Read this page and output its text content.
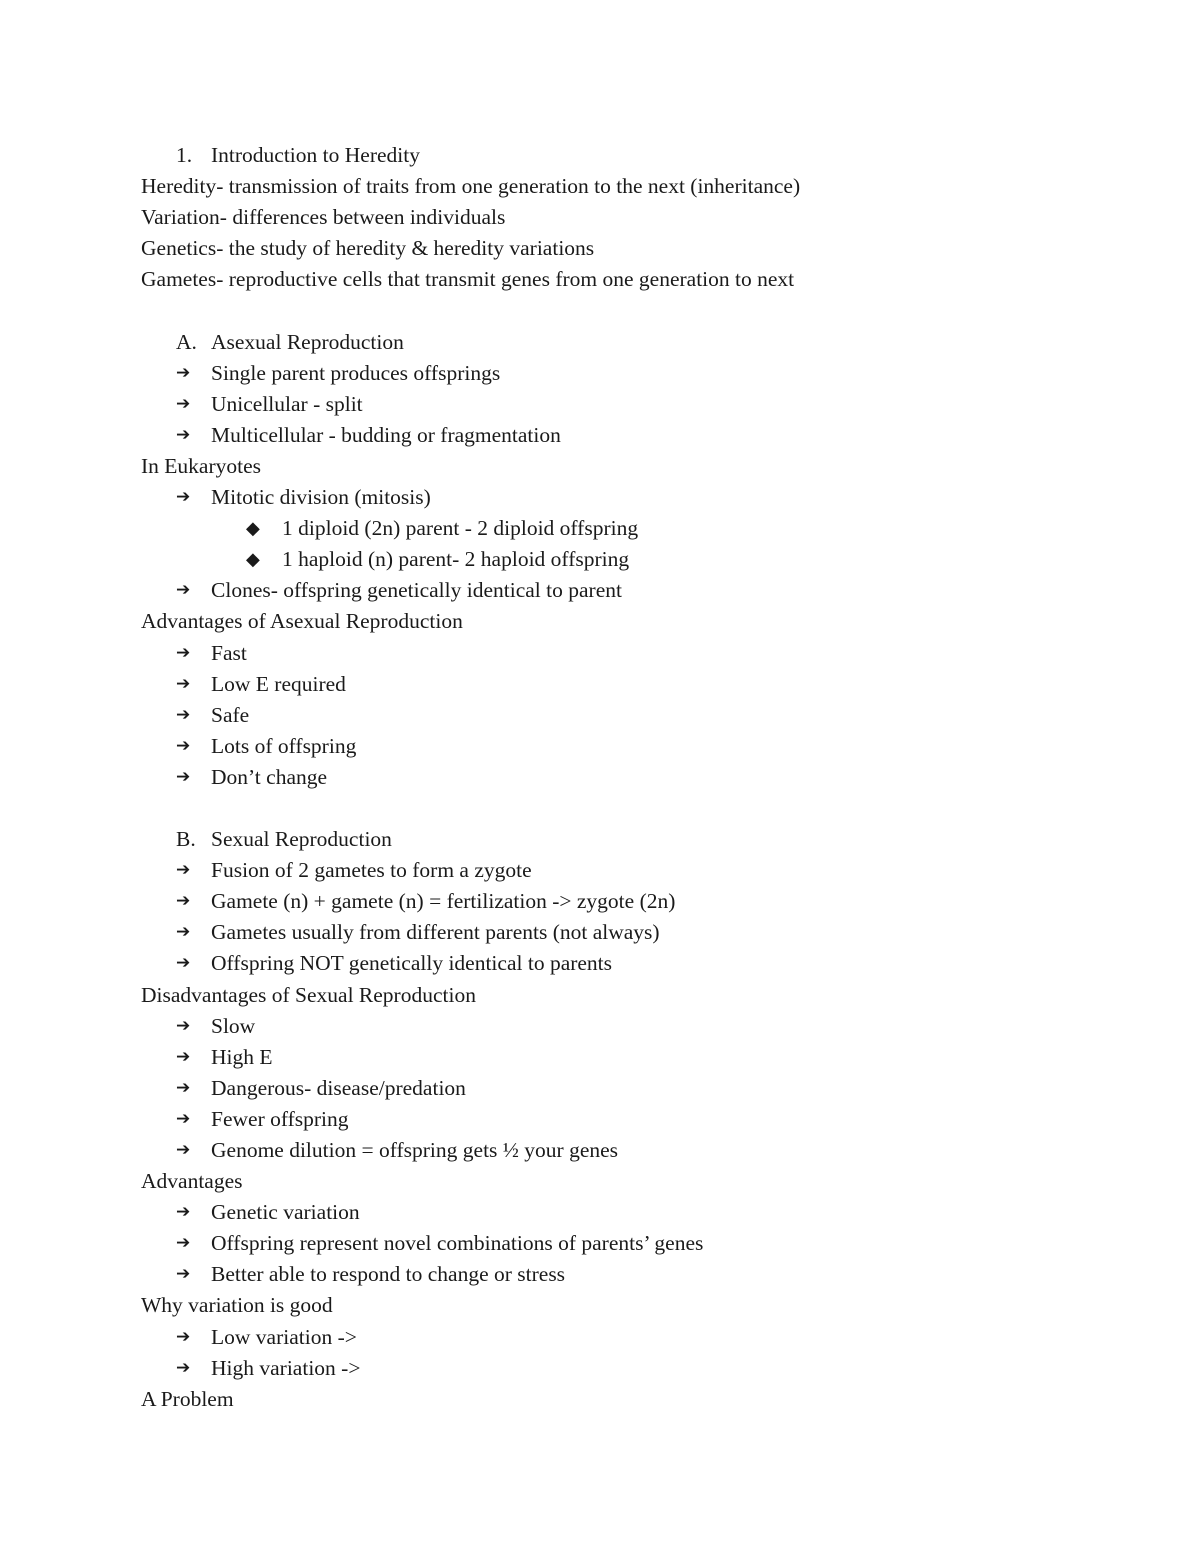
1. Introduction to Heredity
Heredity- transmission of traits from one generation to the next (inheritance)
Variation- differences between individuals
Genetics- the study of heredity & heredity variations
Gametes- reproductive cells that transmit genes from one generation to next
A. Asexual Reproduction
➔ Single parent produces offsprings
➔ Unicellular - split
➔ Multicellular - budding or fragmentation
In Eukaryotes
➔ Mitotic division (mitosis)
◆ 1 diploid (2n) parent - 2 diploid offspring
◆ 1 haploid (n) parent- 2 haploid offspring
➔ Clones- offspring genetically identical to parent
Advantages of Asexual Reproduction
➔ Fast
➔ Low E required
➔ Safe
➔ Lots of offspring
➔ Don’t change
B. Sexual Reproduction
➔ Fusion of 2 gametes to form a zygote
➔ Gamete (n) + gamete (n) = fertilization -> zygote (2n)
➔ Gametes usually from different parents (not always)
➔ Offspring NOT genetically identical to parents
Disadvantages of Sexual Reproduction
➔ Slow
➔ High E
➔ Dangerous- disease/predation
➔ Fewer offspring
➔ Genome dilution = offspring gets ½ your genes
Advantages
➔ Genetic variation
➔ Offspring represent novel combinations of parents’ genes
➔ Better able to respond to change or stress
Why variation is good
➔ Low variation ->
➔ High variation ->
A Problem
